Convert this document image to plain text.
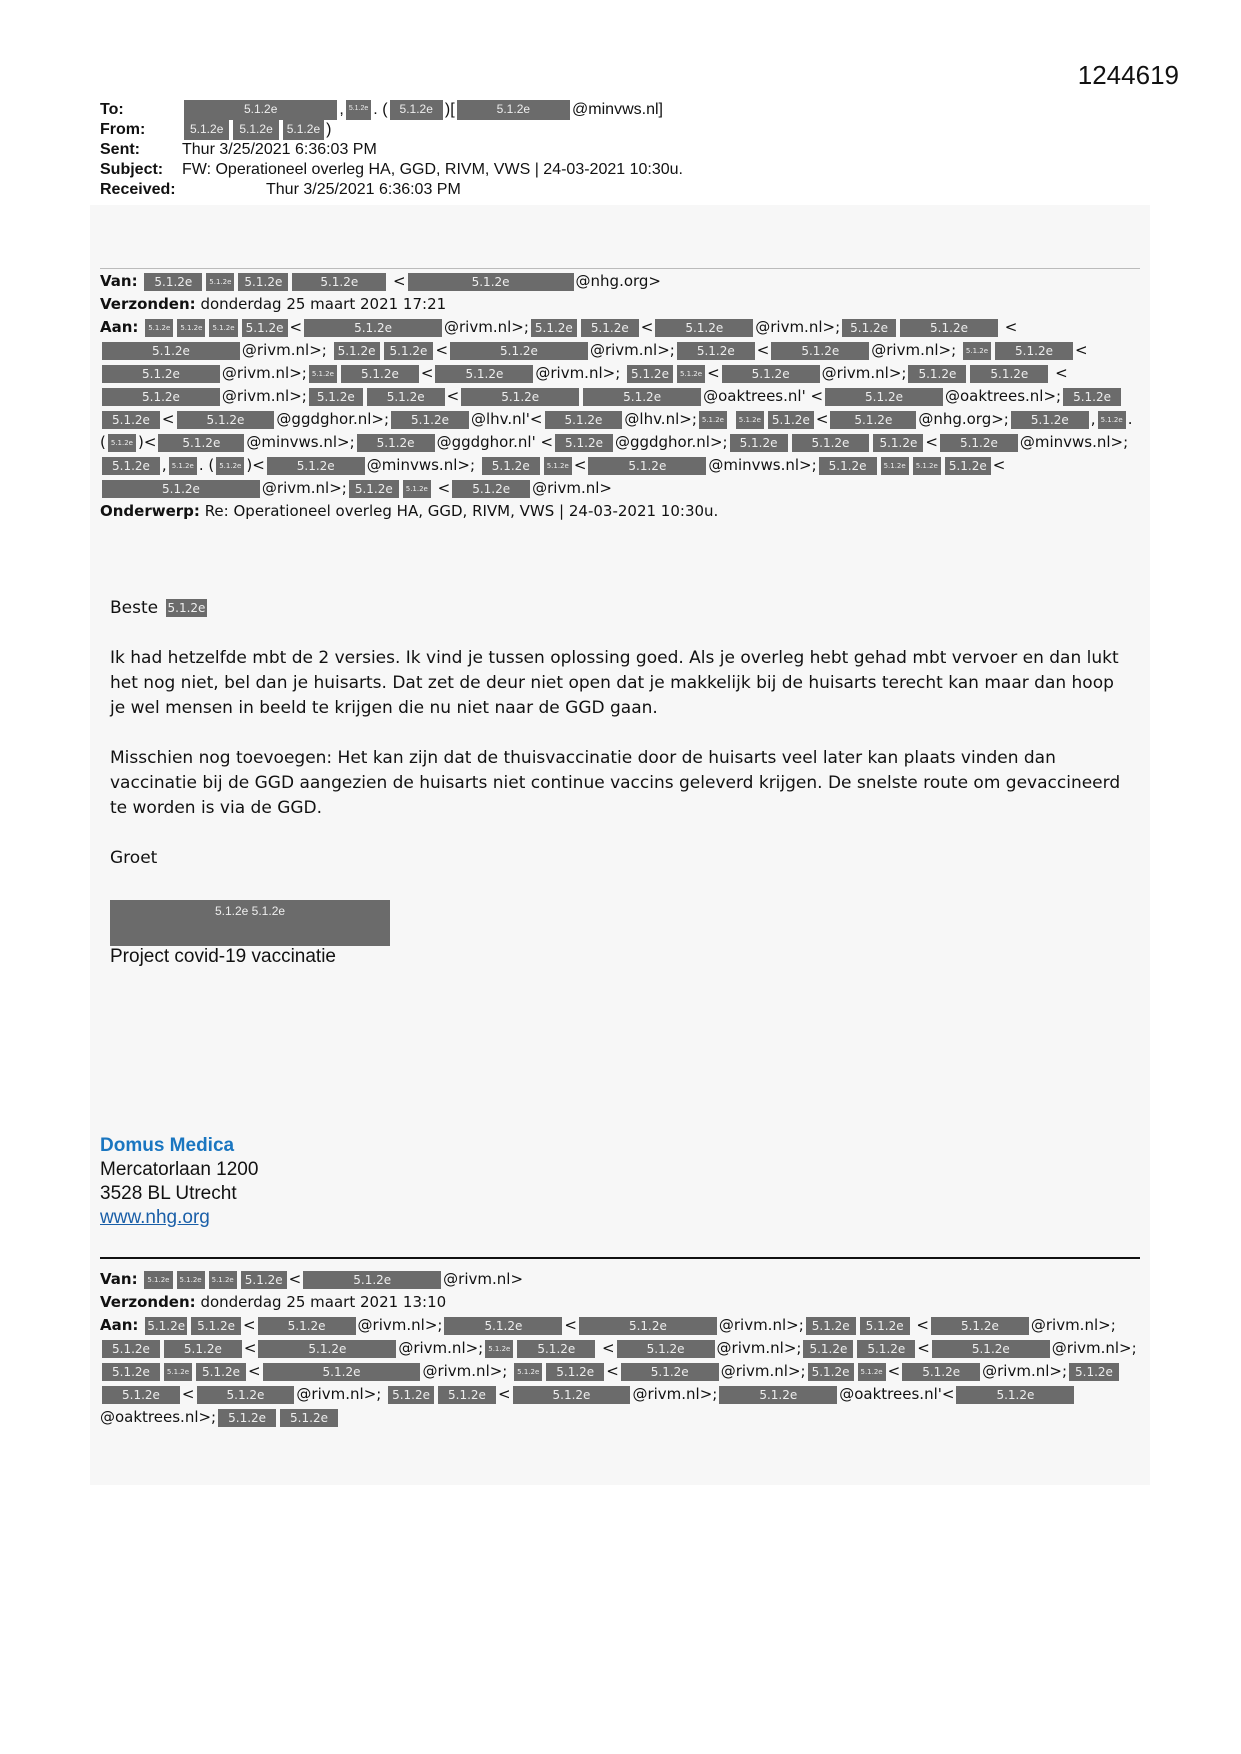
1244619
To:	5.1.2e	, 5.1.2e . (	5.1.2e )[	5.1.2e	@minvws.nl]
From:	5.1.2e	5.1.2e	5.1.2e )
Sent:	Thur 3/25/2021 6:36:03 PM
Subject:	FW: Operationeel overleg HA, GGD, RIVM, VWS | 24-03-2021 10:30u.
Received:	Thur 3/25/2021 6:36:03 PM
Van: 5.1.2e 5.1.2e 5.1.2e	5.1.2e <	5.1.2e	@nhg.org>
Verzonden: donderdag 25 maart 2021 17:21
Aan: 5.1.2e 5.1.2e 5.1.2e 5.1.2e <	5.1.2e	@rivm.nl>; 5.1.2e 5.1.2e <	5.1.2e @rivm.nl>; 5.1.2e	5.1.2e <5.1.2e	@rivm.nl>; 5.1.2e 5.1.2e <	5.1.2e	@rivm.nl>; 5.1.2e <	5.1.2e @rivm.nl>; 5.1.2e 5.1.2e <5.1.2e	@rivm.nl>; 5.1.2e 5.1.2e <	5.1.2e @rivm.nl>; 5.1.2e 5.1.2e <	5.1.2e @rivm.nl>; 5.1.2e	5.1.2e <5.1.2e	@rivm.nl>; 5.1.2e	5.1.2e <	5.1.2e	5.1.2e	@oaktrees.nl' <	5.1.2e	@oaktrees.nl>; 5.1.2e5.1.2e <	5.1.2e @ggdghor.nl>; 5.1.2e @lhv.nl'< 5.1.2e @lhv.nl>; 5.1.2e 5.1.2e 5.1.2e < 5.1.2e @nhg.org>; 5.1.2e , 5.1.2e . ( 5.1.2e )< 5.1.2e @minvws.nl>; 5.1.2e @ggdghor.nl' < 5.1.2e @ggdghor.nl>; 5.1.2e	5.1.2e	5.1.2e < 5.1.2e @minvws.nl>;5.1.2e , 5.1.2e . ( 5.1.2e )<	5.1.2e @minvws.nl>; 5.1.2e 5.1.2e <	5.1.2e	@minvws.nl>; 5.1.2e 5.1.2e 5.1.2e 5.1.2e <5.1.2e	@rivm.nl>; 5.1.2e 5.1.2e < 5.1.2e @rivm.nl>
Onderwerp: Re: Operationeel overleg HA, GGD, RIVM, VWS | 24-03-2021 10:30u.

Beste 5.1.2e

Ik had hetzelfde mbt de 2 versies. Ik vind je tussen oplossing goed. Als je overleg hebt gehad mbt vervoer en dan lukt het nog niet, bel dan je huisarts. Dat zet de deur niet open dat je makkelijk bij de huisarts terecht kan maar dan hoop je wel mensen in beeld te krijgen die nu niet naar de GGD gaan.

Misschien nog toevoegen: Het kan zijn dat de thuisvaccinatie door de huisarts veel later kan plaats vinden dan vaccinatie bij de GGD aangezien de huisarts niet continue vaccins geleverd krijgen. De snelste route om gevaccineerd te worden is via de GGD.

Groet

5.1.2e 5.1.2e
Project covid-19 vaccinatie
Domus Medica
Mercatorlaan 1200
3528 BL Utrecht
www.nhg.org
Van: 5.1.2e 5.1.2e 5.1.2e 5.1.2e <	5.1.2e	@rivm.nl>
Verzonden: donderdag 25 maart 2021 13:10
Aan: 5.1.2e 5.1.2e <	5.1.2e @rivm.nl>;	5.1.2e	<	5.1.2e	@rivm.nl>; 5.1.2e 5.1.2e <	5.1.2e @rivm.nl>;5.1.2e	5.1.2e <	5.1.2e	@rivm.nl>; 5.1.2e 5.1.2e <	5.1.2e @rivm.nl>; 5.1.2e 5.1.2e <	5.1.2e	@rivm.nl>;5.1.2e 5.1.2e 5.1.2e <	5.1.2e	@rivm.nl>; 5.1.2e 5.1.2e <	5.1.2e @rivm.nl>; 5.1.2e 5.1.2e < 5.1.2e @rivm.nl>; 5.1.2e5.1.2e <	5.1.2e @rivm.nl>; 5.1.2e 5.1.2e <	5.1.2e	@rivm.nl>;	5.1.2e	@oaktrees.nl'<	5.1.2e@oaktrees.nl>; 5.1.2e 5.1.2e
